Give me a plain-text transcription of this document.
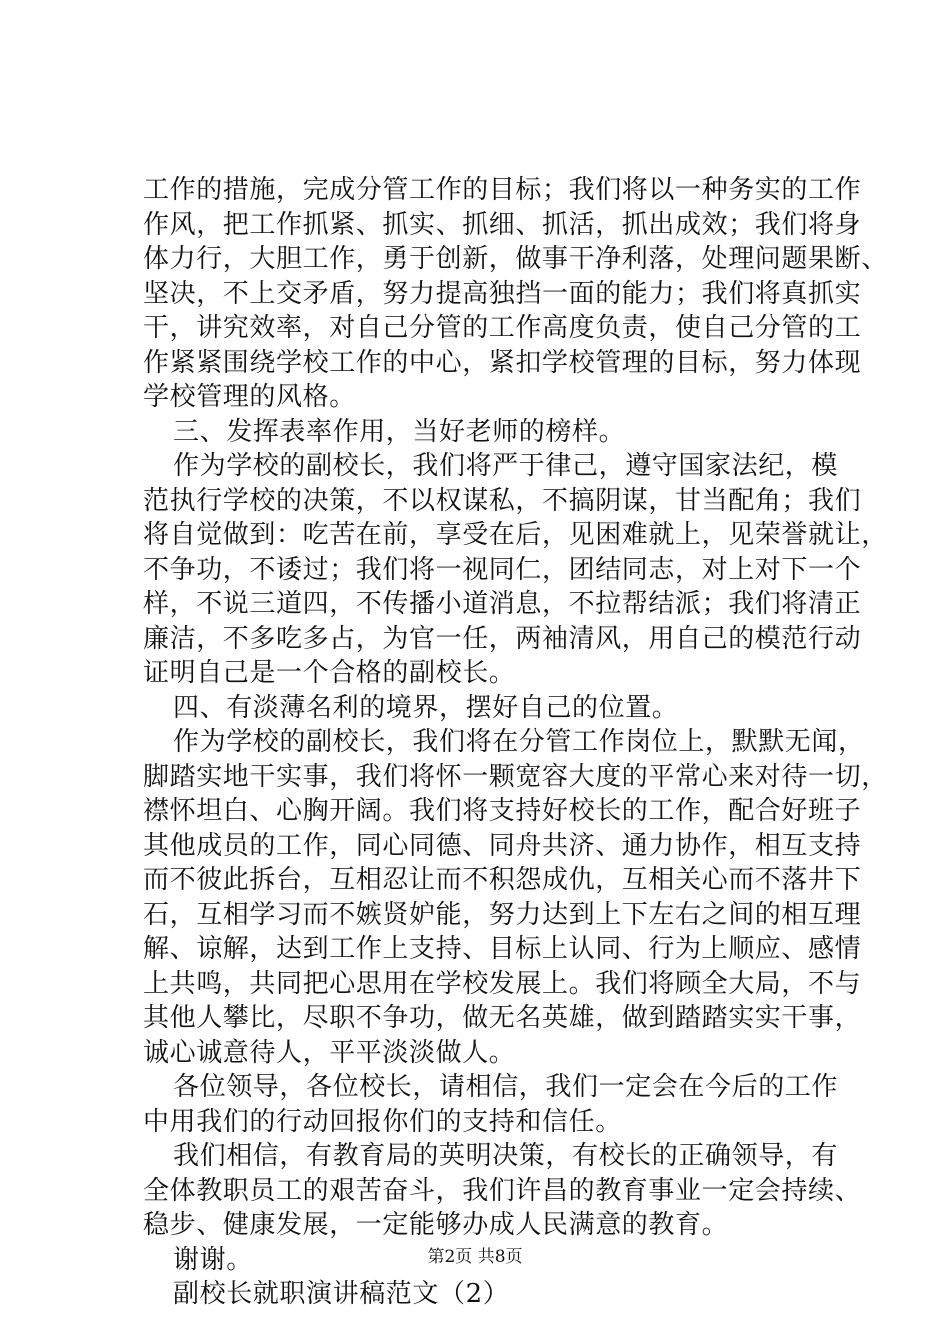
工作的措施，完成分管工作的目标；我们将以一种务实的工作
作风，把工作抓紧、抓实、抓细、抓活，抓出成效；我们将身
体力行，大胆工作，勇于创新，做事干净利落，处理问题果断、
坚决，不上交矛盾，努力提高独挡一面的能力；我们将真抓实
干，讲究效率，对自己分管的工作高度负责，使自己分管的工
作紧紧围绕学校工作的中心，紧扣学校管理的目标，努力体现
学校管理的风格。
三、发挥表率作用，当好老师的榜样。
作为学校的副校长，我们将严于律己，遵守国家法纪，模
范执行学校的决策，不以权谋私，不搞阴谋，甘当配角；我们
将自觉做到：吃苦在前，享受在后，见困难就上，见荣誉就让，
不争功，不诿过；我们将一视同仁，团结同志，对上对下一个
样，不说三道四，不传播小道消息，不拉帮结派；我们将清正
廉洁，不多吃多占，为官一任，两袖清风，用自己的模范行动
证明自己是一个合格的副校长。
四、有淡薄名利的境界，摆好自己的位置。
作为学校的副校长，我们将在分管工作岗位上，默默无闻，
脚踏实地干实事，我们将怀一颗宽容大度的平常心来对待一切，
襟怀坦白、心胸开阔。我们将支持好校长的工作，配合好班子
其他成员的工作，同心同德、同舟共济、通力协作，相互支持
而不彼此拆台，互相忍让而不积怨成仇，互相关心而不落井下
石，互相学习而不嫉贤妒能，努力达到上下左右之间的相互理
解、谅解，达到工作上支持、目标上认同、行为上顺应、感情
上共鸣，共同把心思用在学校发展上。我们将顾全大局，不与
其他人攀比，尽职不争功，做无名英雄，做到踏踏实实干事，
诚心诚意待人，平平淡淡做人。
各位领导，各位校长，请相信，我们一定会在今后的工作
中用我们的行动回报你们的支持和信任。
我们相信，有教育局的英明决策，有校长的正确领导，有
全体教职员工的艰苦奋斗，我们许昌的教育事业一定会持续、
稳步、健康发展，一定能够办成人民满意的教育。
谢谢。
副校长就职演讲稿范文（2）
第2页 共8页
